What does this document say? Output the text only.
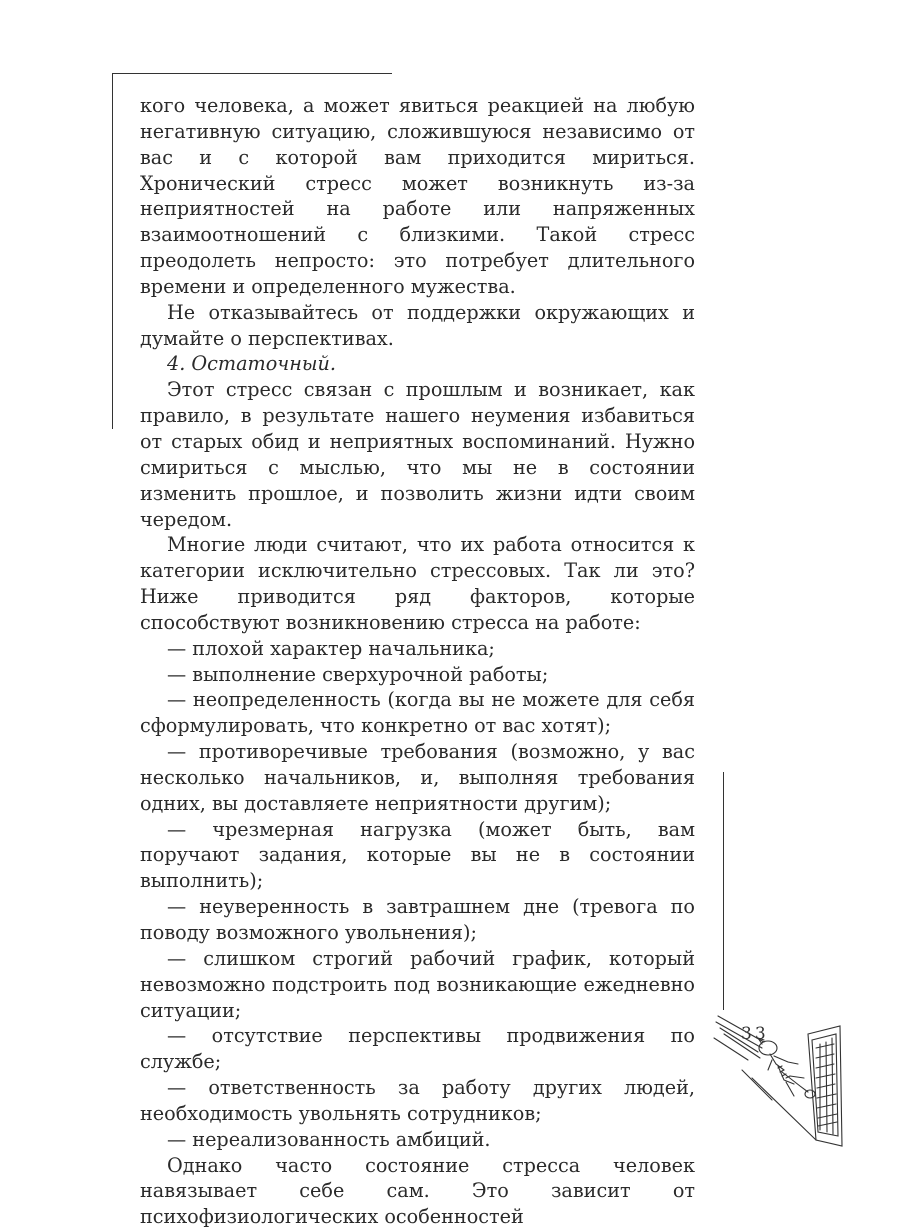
кого человека, а может явиться реакцией на любую негативную ситуацию, сложившуюся независимо от вас и с которой вам приходится мириться. Хронический стресс может возникнуть из-за неприятностей на работе или напряженных взаимоотношений с близкими. Такой стресс преодолеть непросто: это потребует длительного времени и определенного мужества.

Не отказывайтесь от поддержки окружающих и думайте о перспективах.

4. Остаточный.

Этот стресс связан с прошлым и возникает, как правило, в результате нашего неумения избавиться от старых обид и неприятных воспоминаний. Нужно смириться с мыслью, что мы не в состоянии изменить прошлое, и позволить жизни идти своим чередом.

Многие люди считают, что их работа относится к категории исключительно стрессовых. Так ли это? Ниже приводится ряд факторов, которые способствуют возникновению стресса на работе:

— плохой характер начальника;

— выполнение сверхурочной работы;

— неопределенность (когда вы не можете для себя сформулировать, что конкретно от вас хотят);

— противоречивые требования (возможно, у вас несколько начальников, и, выполняя требования одних, вы доставляете неприятности другим);

— чрезмерная нагрузка (может быть, вам поручают задания, которые вы не в состоянии выполнить);

— неуверенность в завтрашнем дне (тревога по поводу возможного увольнения);

— слишком строгий рабочий график, который невозможно подстроить под возникающие ежедневно ситуации;

— отсутствие перспективы продвижения по службе;

— ответственность за работу других людей, необходимость увольнять сотрудников;

— нереализованность амбиций.

Однако часто состояние стресса человек навязывает себе сам. Это зависит от психофизиологических особенностей

33
